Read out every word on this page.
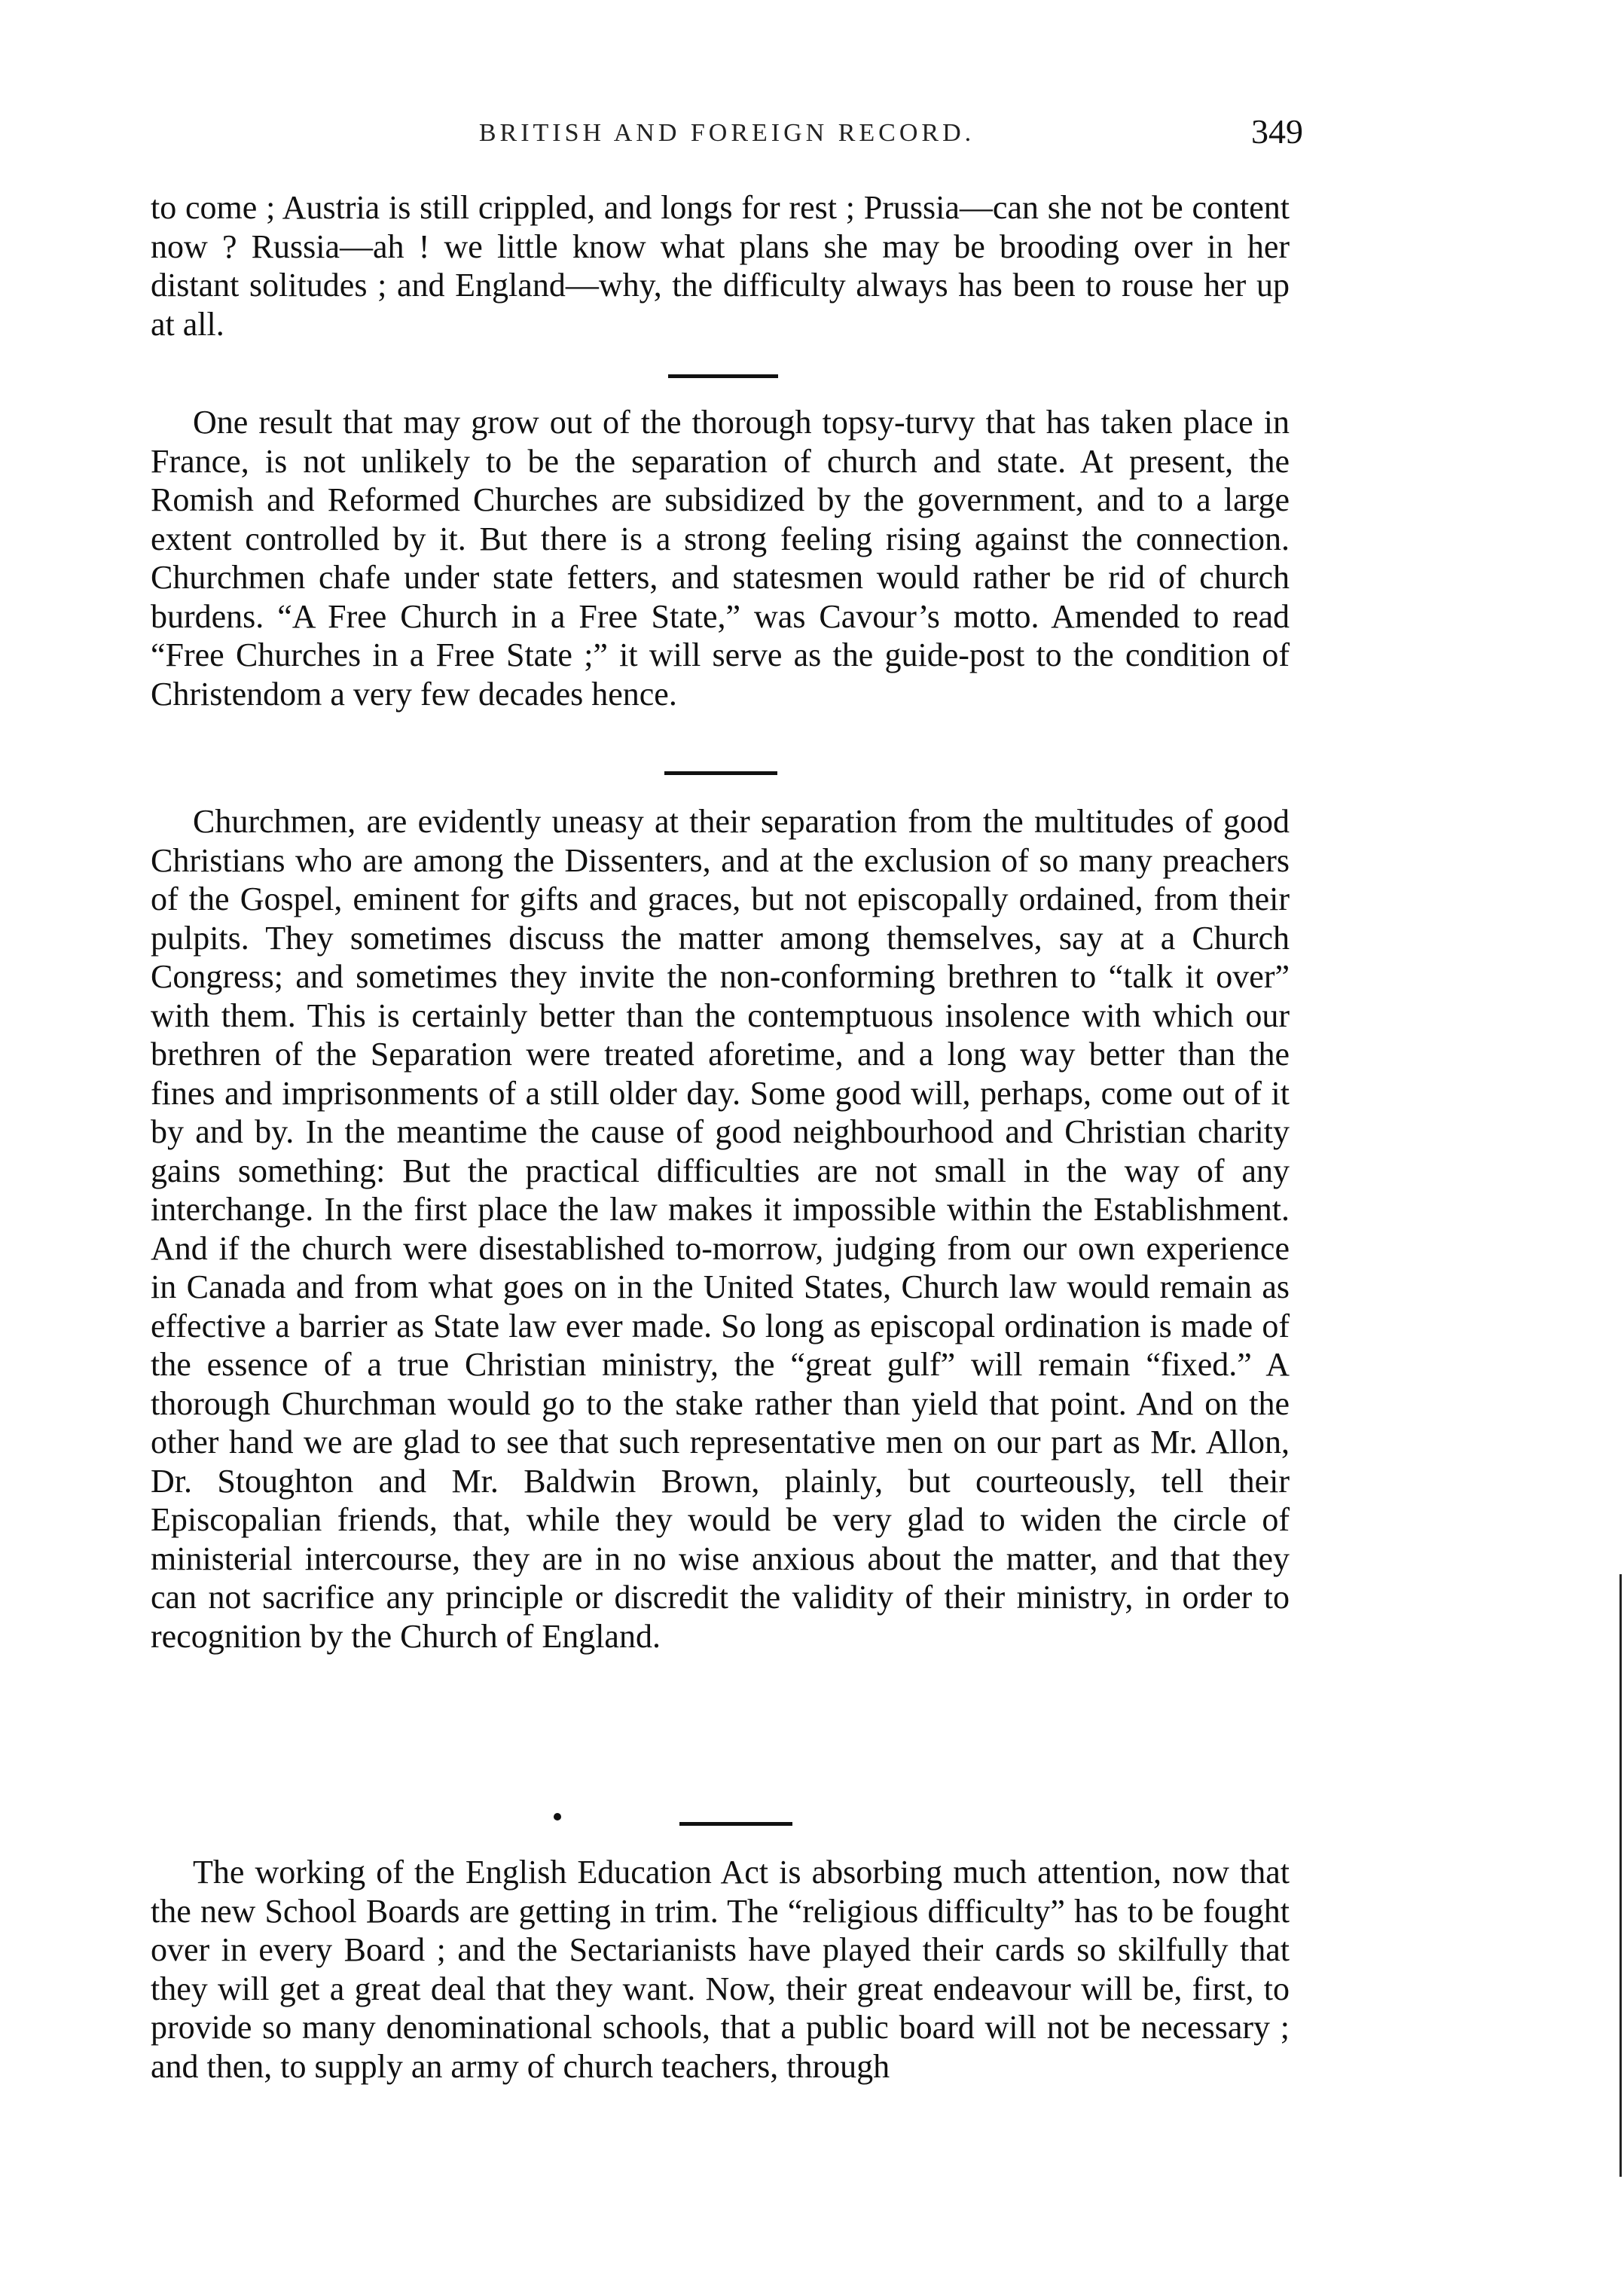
BRITISH AND FOREIGN RECORD.	349

to come ; Austria is still crippled, and longs for rest ; Prussia—can she not be content now ? Russia—ah ! we little know what plans she may be brooding over in her distant solitudes ; and England—why, the difficulty always has been to rouse her up at all.

One result that may grow out of the thorough topsy-turvy that has taken place in France, is not unlikely to be the separation of church and state. At present, the Romish and Reformed Churches are subsidized by the government, and to a large extent controlled by it. But there is a strong feeling rising against the connection. Churchmen chafe under state fetters, and statesmen would rather be rid of church burdens. “A Free Church in a Free State,” was Cavour’s motto. Amended to read “Free Churches in a Free State ;” it will serve as the guide-post to the condition of Christendom a very few decades hence.

Churchmen, are evidently uneasy at their separation from the multitudes of good Christians who are among the Dissenters, and at the exclusion of so many preachers of the Gospel, eminent for gifts and graces, but not episcopally ordained, from their pulpits. They sometimes discuss the matter among themselves, say at a Church Congress; and sometimes they invite the non-conforming brethren to “talk it over” with them. This is certainly better than the contemptuous insolence with which our brethren of the Separation were treated aforetime, and a long way better than the fines and imprisonments of a still older day. Some good will, perhaps, come out of it by and by. In the meantime the cause of good neighbourhood and Christian charity gains something: But the practical difficulties are not small in the way of any interchange. In the first place the law makes it impossible within the Establishment. And if the church were disestablished to-morrow, judging from our own experience in Canada and from what goes on in the United States, Church law would remain as effective a barrier as State law ever made. So long as episcopal ordination is made of the essence of a true Christian ministry, the “great gulf” will remain “fixed.” A thorough Churchman would go to the stake rather than yield that point. And on the other hand we are glad to see that such representative men on our part as Mr. Allon, Dr. Stoughton and Mr. Baldwin Brown, plainly, but courteously, tell their Episcopalian friends, that, while they would be very glad to widen the circle of ministerial intercourse, they are in no wise anxious about the matter, and that they can not sacrifice any principle or discredit the validity of their ministry, in order to recognition by the Church of England.

The working of the English Education Act is absorbing much attention, now that the new School Boards are getting in trim. The “religious difficulty” has to be fought over in every Board ; and the Sectarianists have played their cards so skilfully that they will get a great deal that they want. Now, their great endeavour will be, first, to provide so many denominational schools, that a public board will not be necessary ; and then, to supply an army of church teachers, through
